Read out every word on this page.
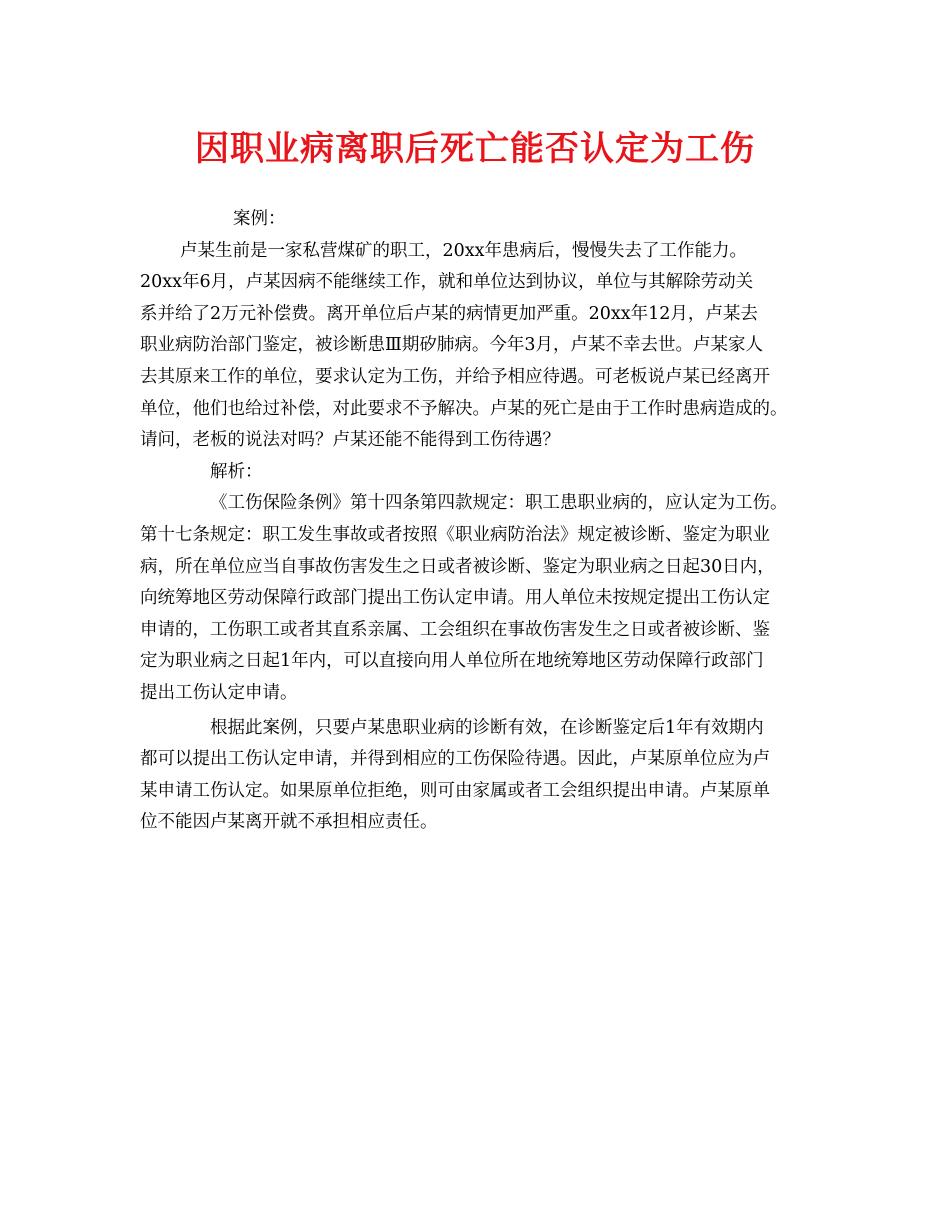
因职业病离职后死亡能否认定为工伤

案例：

卢某生前是一家私营煤矿的职工，20xx年患病后，慢慢失去了工作能力。

20xx年6月，卢某因病不能继续工作，就和单位达到协议，单位与其解除劳动关

系并给了2万元补偿费。离开单位后卢某的病情更加严重。20xx年12月，卢某去

职业病防治部门鉴定，被诊断患Ⅲ期矽肺病。今年3月，卢某不幸去世。卢某家人

去其原来工作的单位，要求认定为工伤，并给予相应待遇。可老板说卢某已经离开

单位，他们也给过补偿，对此要求不予解决。卢某的死亡是由于工作时患病造成的。

请问，老板的说法对吗？卢某还能不能得到工伤待遇？

解析：

《工伤保险条例》第十四条第四款规定：职工患职业病的，应认定为工伤。

第十七条规定：职工发生事故或者按照《职业病防治法》规定被诊断、鉴定为职业

病，所在单位应当自事故伤害发生之日或者被诊断、鉴定为职业病之日起30日内，

向统筹地区劳动保障行政部门提出工伤认定申请。用人单位未按规定提出工伤认定

申请的，工伤职工或者其直系亲属、工会组织在事故伤害发生之日或者被诊断、鉴

定为职业病之日起1年内，可以直接向用人单位所在地统筹地区劳动保障行政部门

提出工伤认定申请。

根据此案例，只要卢某患职业病的诊断有效，在诊断鉴定后1年有效期内

都可以提出工伤认定申请，并得到相应的工伤保险待遇。因此，卢某原单位应为卢

某申请工伤认定。如果原单位拒绝，则可由家属或者工会组织提出申请。卢某原单

位不能因卢某离开就不承担相应责任。
